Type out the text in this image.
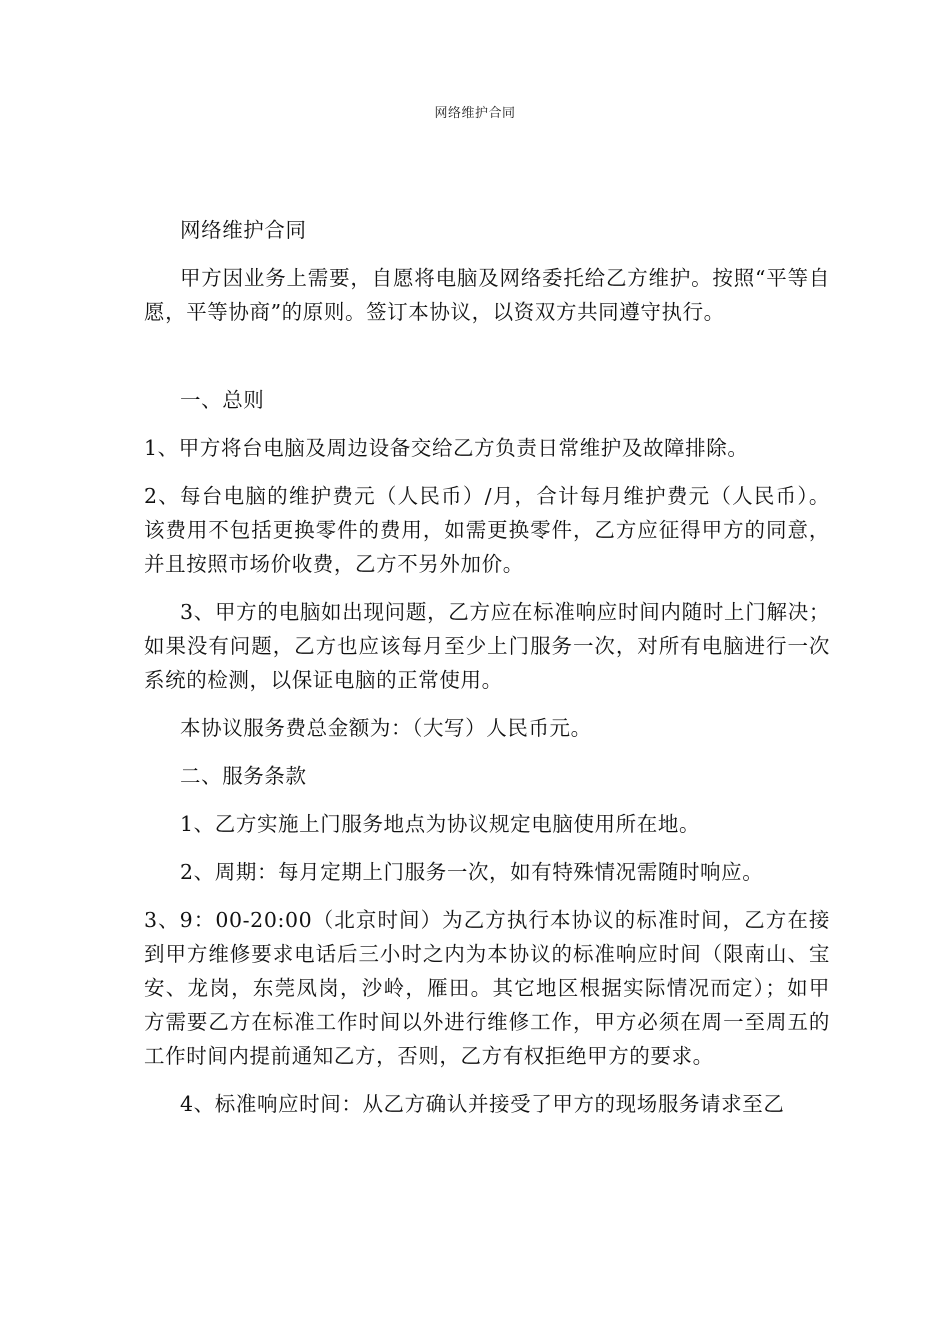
网络维护合同

网络维护合同

甲方因业务上需要，自愿将电脑及网络委托给乙方维护。按照“平等自愿，平等协商”的原则。签订本协议，以资双方共同遵守执行。

一、总则

1、甲方将台电脑及周边设备交给乙方负责日常维护及故障排除。

2、每台电脑的维护费元（人民币）/月，合计每月维护费元（人民币）。该费用不包括更换零件的费用，如需更换零件，乙方应征得甲方的同意，并且按照市场价收费，乙方不另外加价。

3、甲方的电脑如出现问题，乙方应在标准响应时间内随时上门解决；如果没有问题，乙方也应该每月至少上门服务一次，对所有电脑进行一次系统的检测，以保证电脑的正常使用。

本协议服务费总金额为：（大写）人民币元。

二、服务条款

1、乙方实施上门服务地点为协议规定电脑使用所在地。

2、周期：每月定期上门服务一次，如有特殊情况需随时响应。

3、9：00-20:00（北京时间）为乙方执行本协议的标准时间，乙方在接到甲方维修要求电话后三小时之内为本协议的标准响应时间（限南山、宝安、龙岗，东莞凤岗，沙岭，雁田。其它地区根据实际情况而定）；如甲方需要乙方在标准工作时间以外进行维修工作，甲方必须在周一至周五的工作时间内提前通知乙方，否则，乙方有权拒绝甲方的要求。

4、标准响应时间：从乙方确认并接受了甲方的现场服务请求至乙
